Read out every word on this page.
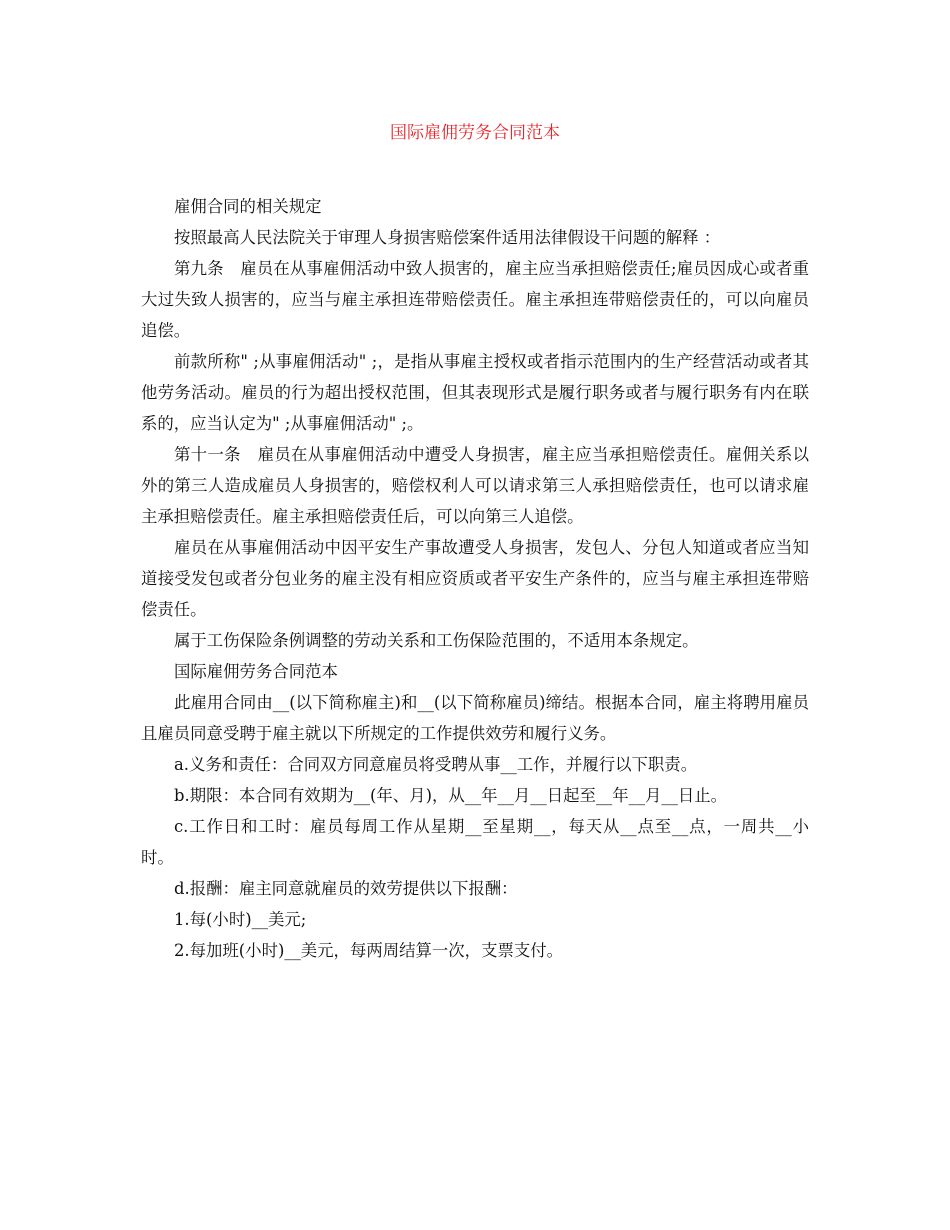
国际雇佣劳务合同范本

雇佣合同的相关规定

按照最高人民法院关于审理人身损害赔偿案件适用法律假设干问题的解释 ：

第九条　雇员在从事雇佣活动中致人损害的，雇主应当承担赔偿责任;雇员因成心或者重大过失致人损害的，应当与雇主承担连带赔偿责任。雇主承担连带赔偿责任的，可以向雇员追偿。

前款所称" ;从事雇佣活动" ;，是指从事雇主授权或者指示范围内的生产经营活动或者其他劳务活动。雇员的行为超出授权范围，但其表现形式是履行职务或者与履行职务有内在联系的，应当认定为" ;从事雇佣活动" ;。

第十一条　雇员在从事雇佣活动中遭受人身损害，雇主应当承担赔偿责任。雇佣关系以外的第三人造成雇员人身损害的，赔偿权利人可以请求第三人承担赔偿责任，也可以请求雇主承担赔偿责任。雇主承担赔偿责任后，可以向第三人追偿。

雇员在从事雇佣活动中因平安生产事故遭受人身损害，发包人、分包人知道或者应当知道接受发包或者分包业务的雇主没有相应资质或者平安生产条件的，应当与雇主承担连带赔偿责任。

属于工伤保险条例调整的劳动关系和工伤保险范围的，不适用本条规定。

国际雇佣劳务合同范本

此雇用合同由__(以下简称雇主)和__(以下简称雇员)缔结。根据本合同，雇主将聘用雇员且雇员同意受聘于雇主就以下所规定的工作提供效劳和履行义务。

a.义务和责任：合同双方同意雇员将受聘从事__工作，并履行以下职责。

b.期限：本合同有效期为__(年、月)，从__年__月__日起至__年__月__日止。

c.工作日和工时：雇员每周工作从星期__至星期__，每天从__点至__点，一周共__小时。

d.报酬：雇主同意就雇员的效劳提供以下报酬：

1.每(小时)__美元;

2.每加班(小时)__美元，每两周结算一次，支票支付。
